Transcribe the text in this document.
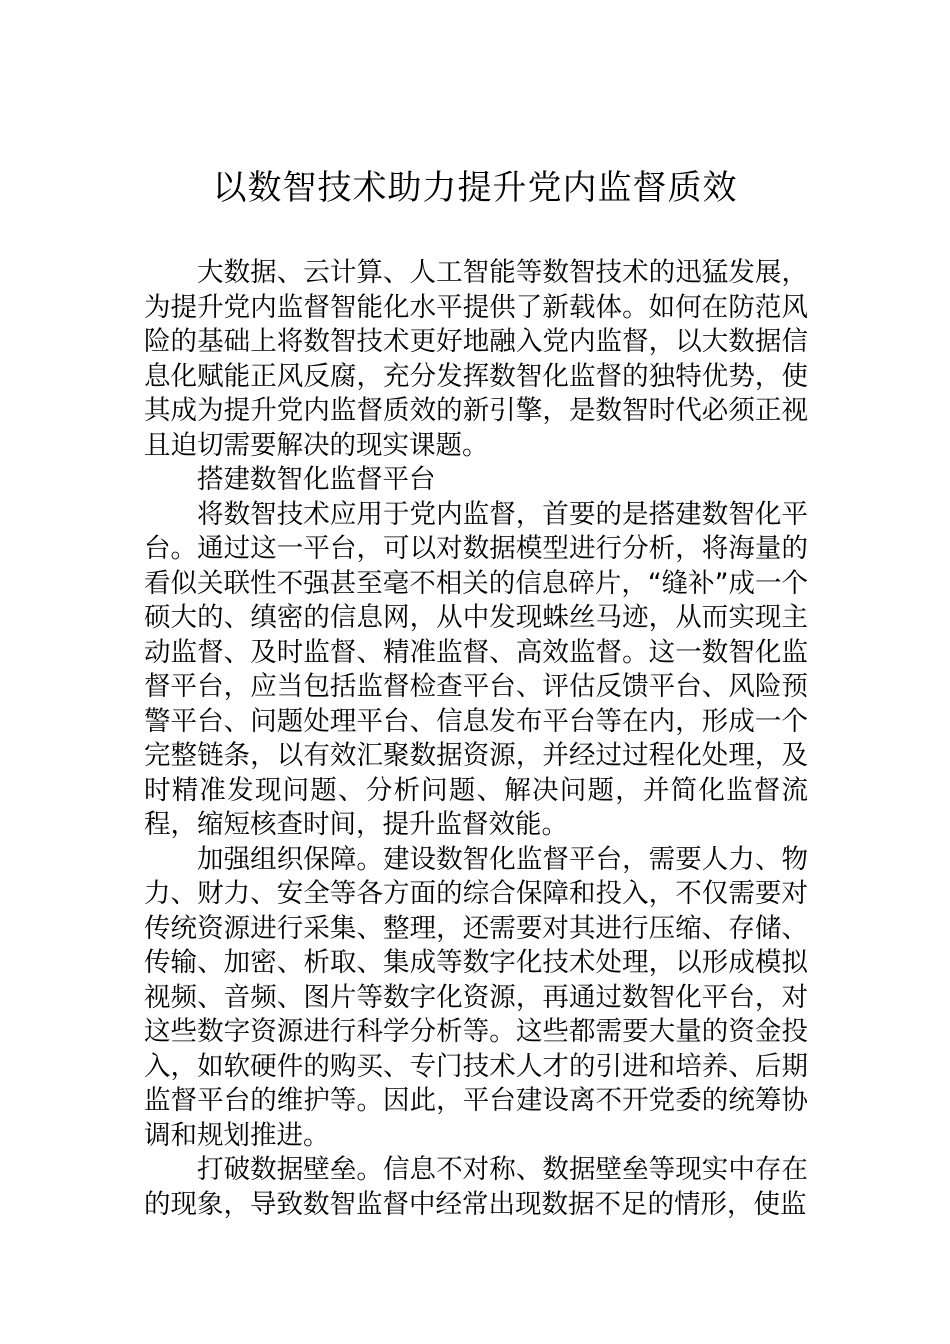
以数智技术助力提升党内监督质效

大数据、云计算、人工智能等数智技术的迅猛发展，为提升党内监督智能化水平提供了新载体。如何在防范风险的基础上将数智技术更好地融入党内监督，以大数据信息化赋能正风反腐，充分发挥数智化监督的独特优势，使其成为提升党内监督质效的新引擎，是数智时代必须正视且迫切需要解决的现实课题。

搭建数智化监督平台

将数智技术应用于党内监督，首要的是搭建数智化平台。通过这一平台，可以对数据模型进行分析，将海量的看似关联性不强甚至毫不相关的信息碎片，“缝补”成一个硕大的、缜密的信息网，从中发现蛛丝马迹，从而实现主动监督、及时监督、精准监督、高效监督。这一数智化监督平台，应当包括监督检查平台、评估反馈平台、风险预警平台、问题处理平台、信息发布平台等在内，形成一个完整链条，以有效汇聚数据资源，并经过过程化处理，及时精准发现问题、分析问题、解决问题，并简化监督流程，缩短核查时间，提升监督效能。

加强组织保障。建设数智化监督平台，需要人力、物力、财力、安全等各方面的综合保障和投入，不仅需要对传统资源进行采集、整理，还需要对其进行压缩、存储、传输、加密、析取、集成等数字化技术处理，以形成模拟视频、音频、图片等数字化资源，再通过数智化平台，对这些数字资源进行科学分析等。这些都需要大量的资金投入，如软硬件的购买、专门技术人才的引进和培养、后期监督平台的维护等。因此，平台建设离不开党委的统筹协调和规划推进。

打破数据壁垒。信息不对称、数据壁垒等现实中存在的现象，导致数智监督中经常出现数据不足的情形，使监
